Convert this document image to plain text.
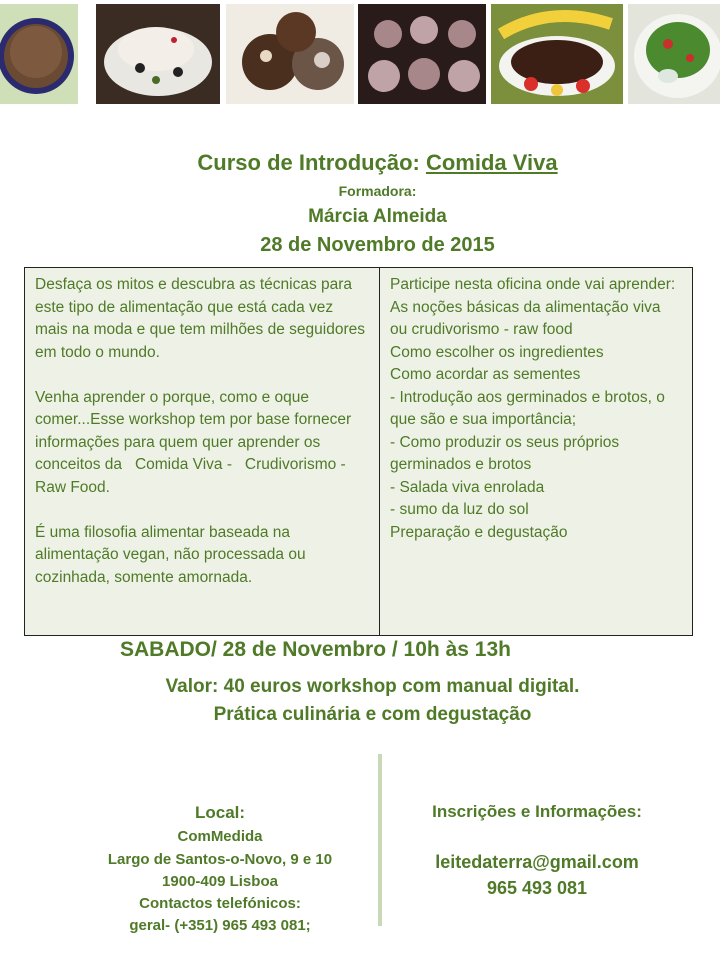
Curso de Introdução: Comida Viva
Formadora:
Márcia Almeida
28 de Novembro de 2015

Desfaça os mitos e descubra as técnicas para este tipo de alimentação que está cada vez mais na moda e que tem milhões de seguidores em todo o mundo.

Venha aprender o porque, como e oque comer...Esse workshop tem por base fornecer informações para quem quer aprender os conceitos da   Comida Viva -   Crudivorismo - Raw Food.

É uma filosofia alimentar baseada na alimentação vegan, não processada ou cozinhada, somente amornada.

Participe nesta oficina onde vai aprender:
As noções básicas da alimentação viva ou crudivorismo - raw food
Como escolher os ingredientes
Como acordar as sementes
- Introdução aos germinados e brotos, o que são e sua importância;
- Como produzir os seus próprios germinados e brotos
- Salada viva enrolada
- sumo da luz do sol
Preparação e degustação
SABADO/ 28 de Novembro / 10h às 13h
Valor: 40 euros workshop com manual digital.
Prática culinária e com degustação
Local:
ComMedida
Largo de Santos-o-Novo, 9 e 10
1900-409 Lisboa
Contactos telefónicos:
geral- (+351) 965 493 081;
Inscrições e Informações:
leitedaterra@gmail.com
965 493 081
